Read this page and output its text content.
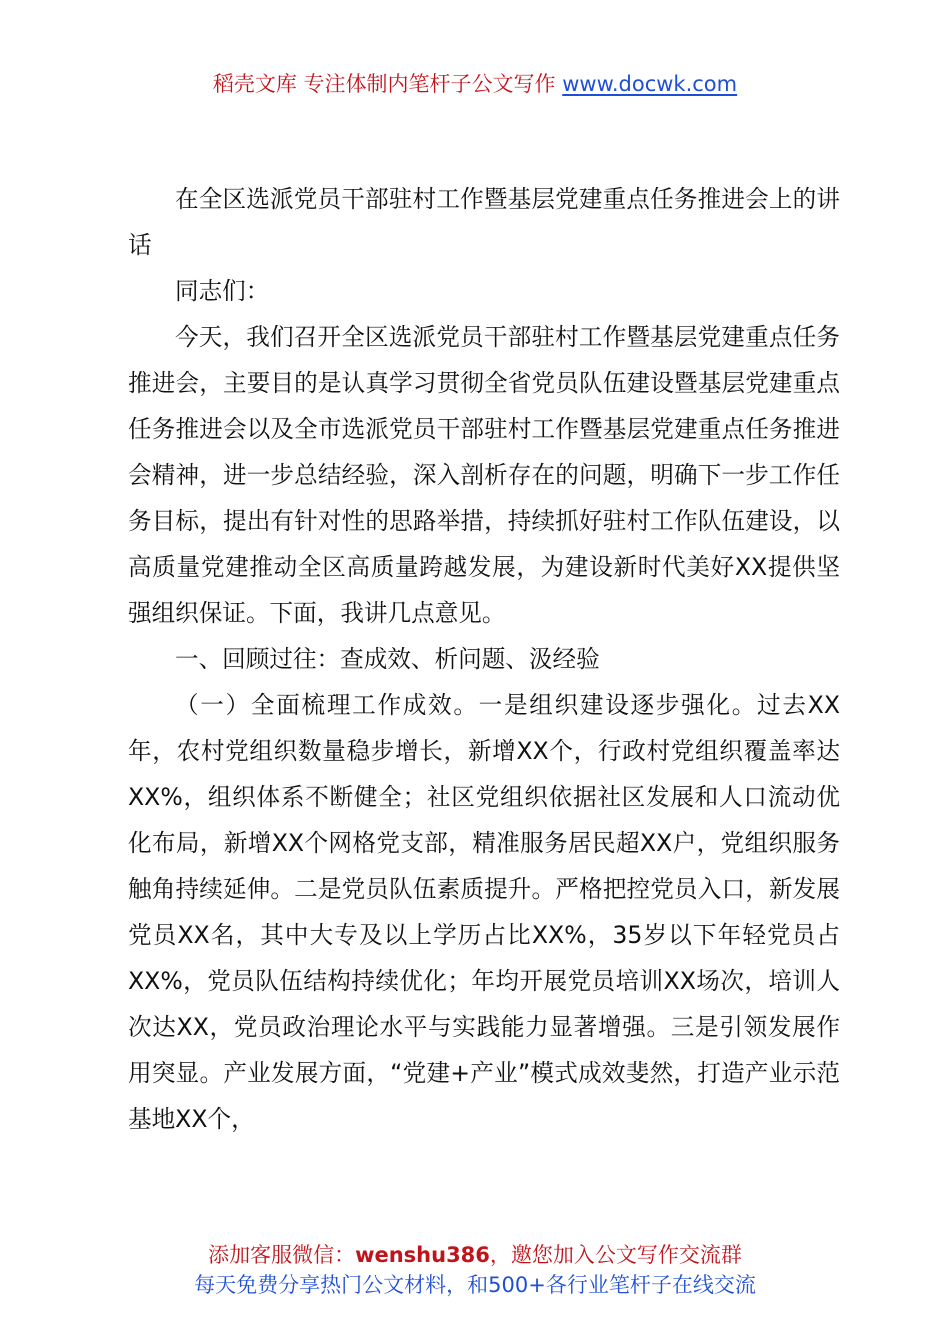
稻壳文库 专注体制内笔杆子公文写作 www.docwk.com

在全区选派党员干部驻村工作暨基层党建重点任务推进会上的讲话

同志们：

今天，我们召开全区选派党员干部驻村工作暨基层党建重点任务推进会，主要目的是认真学习贯彻全省党员队伍建设暨基层党建重点任务推进会以及全市选派党员干部驻村工作暨基层党建重点任务推进会精神，进一步总结经验，深入剖析存在的问题，明确下一步工作任务目标，提出有针对性的思路举措，持续抓好驻村工作队伍建设，以高质量党建推动全区高质量跨越发展，为建设新时代美好XX提供坚强组织保证。下面，我讲几点意见。

一、回顾过往：查成效、析问题、汲经验

（一）全面梳理工作成效。一是组织建设逐步强化。过去XX年，农村党组织数量稳步增长，新增XX个，行政村党组织覆盖率达XX%，组织体系不断健全；社区党组织依据社区发展和人口流动优化布局，新增XX个网格党支部，精准服务居民超XX户，党组织服务触角持续延伸。二是党员队伍素质提升。严格把控党员入口，新发展党员XX名，其中大专及以上学历占比XX%，35岁以下年轻党员占XX%，党员队伍结构持续优化；年均开展党员培训XX场次，培训人次达XX，党员政治理论水平与实践能力显著增强。三是引领发展作用突显。产业发展方面，“党建+产业”模式成效斐然，打造产业示范基地XX个，

添加客服微信：wenshu386，邀您加入公文写作交流群
每天免费分享热门公文材料，和500+各行业笔杆子在线交流
